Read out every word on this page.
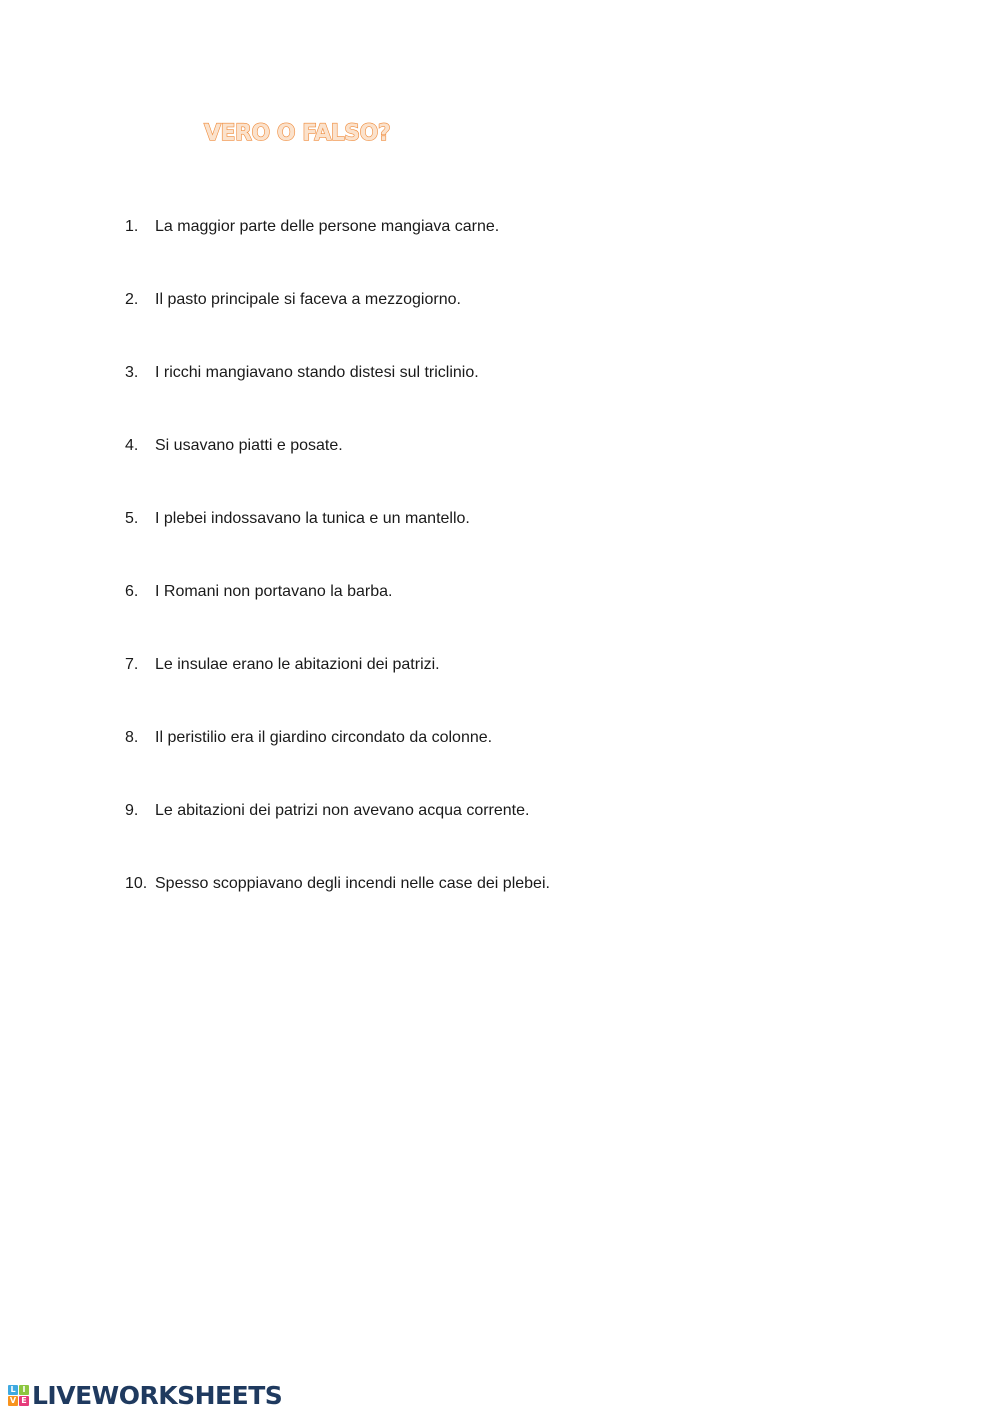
VERO O FALSO?
1. La maggior parte delle persone mangiava carne.
2. Il pasto principale si faceva a mezzogiorno.
3. I ricchi mangiavano stando distesi sul triclinio.
4. Si usavano piatti e posate.
5. I plebei indossavano la tunica e un mantello.
6. I Romani non portavano la barba.
7. Le insulae erano le abitazioni dei patrizi.
8. Il peristilio era il giardino circondato da colonne.
9. Le abitazioni dei patrizi non avevano acqua corrente.
10. Spesso scoppiavano degli incendi nelle case dei plebei.
L I
V E LIVEWORKSHEETS
